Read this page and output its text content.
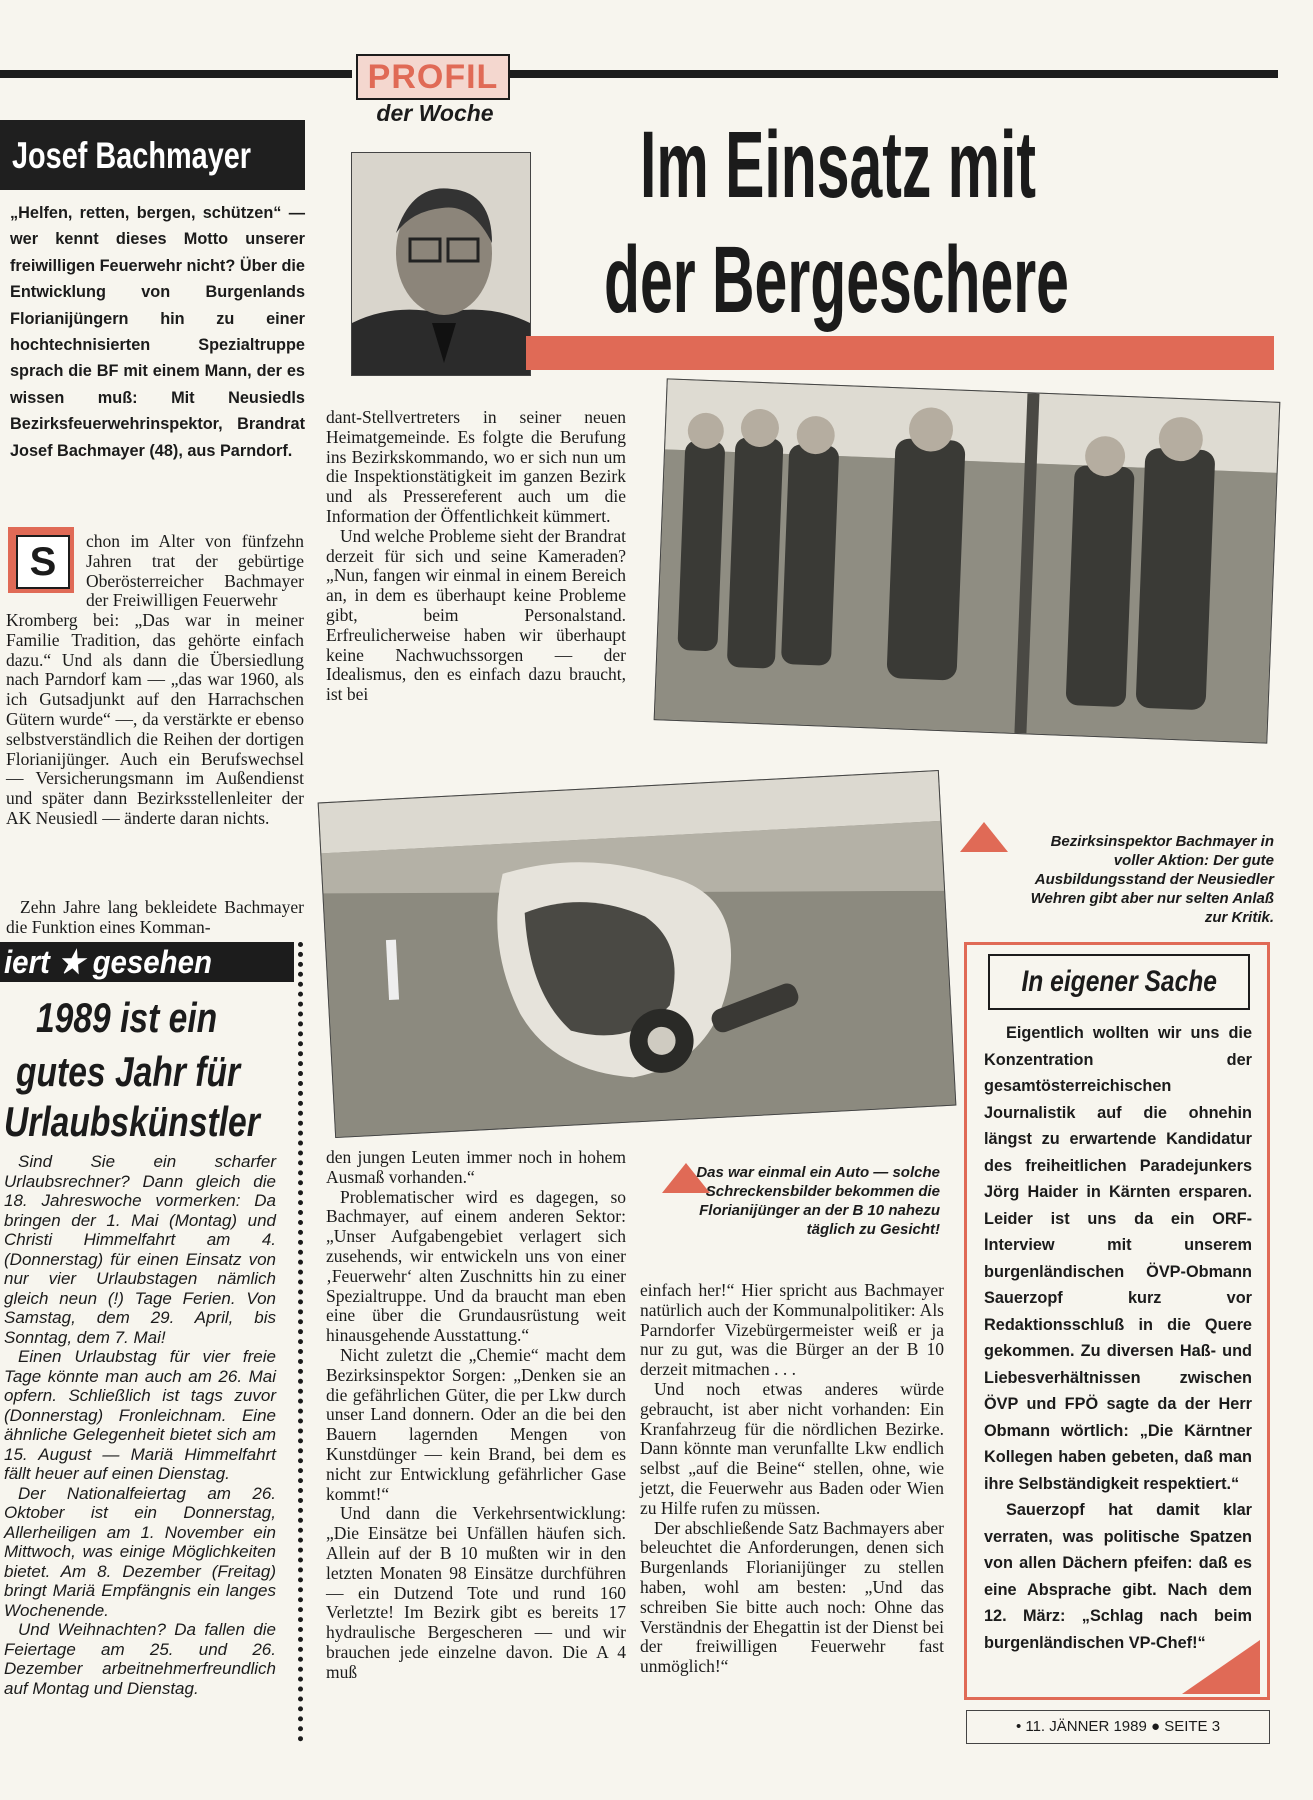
PROFIL
der Woche
Josef Bachmayer	Im Einsatz mit
der Bergeschere
„Helfen, retten, bergen, schützen“ — wer kennt dieses Motto unserer freiwilligen Feuerwehr nicht? Über die Entwicklung von Burgenlands Florianijüngern hin zu einer hochtechnisierten Spezialtruppe sprach die BF mit einem Mann, der es wissen muß: Mit Neusiedls Bezirksfeuerwehrinspektor, Brandrat Josef Bachmayer (48), aus Parndorf.
S	chon im Alter von fünfzehn Jahren trat der gebürtige Oberösterreicher Bachmayer der Freiwilligen Feuerwehr
Kromberg bei: „Das war in meiner Familie Tradition, das gehörte einfach dazu.“ Und als dann die Übersiedlung nach Parndorf kam — „das war 1960, als ich Gutsadjunkt auf den Harrachschen Gütern wurde“ —, da verstärkte er ebenso selbstverständlich die Reihen der dortigen Florianijünger. Auch ein Berufswechsel — Versicherungsmann im Außendienst und später dann Bezirksstellenleiter der AK Neusiedl — änderte daran nichts.
Zehn Jahre lang bekleidete Bachmayer die Funktion eines Komman-
iert ★ gesehen
1989 ist ein
gutes Jahr für
Urlaubskünstler

Sind Sie ein scharfer Urlaubsrechner? Dann gleich die 18. Jahreswoche vormerken: Da bringen der 1. Mai (Montag) und Christi Himmelfahrt am 4. (Donnerstag) für einen Einsatz von nur vier Urlaubstagen nämlich gleich neun (!) Tage Ferien. Von Samstag, dem 29. April, bis Sonntag, dem 7. Mai!

Einen Urlaubstag für vier freie Tage könnte man auch am 26. Mai opfern. Schließlich ist tags zuvor (Donnerstag) Fronleichnam. Eine ähnliche Gelegenheit bietet sich am 15. August — Mariä Himmelfahrt fällt heuer auf einen Dienstag.

Der Nationalfeiertag am 26. Oktober ist ein Donnerstag, Allerheiligen am 1. November ein Mittwoch, was einige Möglichkeiten bietet. Am 8. Dezember (Freitag) bringt Mariä Empfängnis ein langes Wochenende.

Und Weihnachten? Da fallen die Feiertage am 25. und 26. Dezember arbeitnehmerfreundlich auf Montag und Dienstag.

dant-Stellvertreters in seiner neuen Heimatgemeinde. Es folgte die Berufung ins Bezirkskommando, wo er sich nun um die Inspektionstätigkeit im ganzen Bezirk und als Pressereferent auch um die Information der Öffentlichkeit kümmert.

Und welche Probleme sieht der Brandrat derzeit für sich und seine Kameraden? „Nun, fangen wir einmal in einem Bereich an, in dem es überhaupt keine Probleme gibt, beim Personalstand. Erfreulicherweise haben wir überhaupt keine Nachwuchssorgen — der Idealismus, den es einfach dazu braucht, ist bei

den jungen Leuten immer noch in hohem Ausmaß vorhanden.“

Problematischer wird es dagegen, so Bachmayer, auf einem anderen Sektor: „Unser Aufgabengebiet verlagert sich zusehends, wir entwickeln uns von einer ‚Feuerwehr‘ alten Zuschnitts hin zu einer Spezialtruppe. Und da braucht man eben eine über die Grundausrüstung weit hinausgehende Ausstattung.“

Nicht zuletzt die „Chemie“ macht dem Bezirksinspektor Sorgen: „Denken sie an die gefährlichen Güter, die per Lkw durch unser Land donnern. Oder an die bei den Bauern lagernden Mengen von Kunstdünger — kein Brand, bei dem es nicht zur Entwicklung gefährlicher Gase kommt!“

Und dann die Verkehrsentwicklung: „Die Einsätze bei Unfällen häufen sich. Allein auf der B 10 mußten wir in den letzten Monaten 98 Einsätze durchführen — ein Dutzend Tote und rund 160 Verletzte! Im Bezirk gibt es bereits 17 hydraulische Bergescheren — und wir brauchen jede einzelne davon. Die A 4 muß

Bezirksinspektor Bachmayer in voller Aktion: Der gute Ausbildungsstand der Neusiedler Wehren gibt aber nur selten Anlaß zur Kritik.
Das war einmal ein Auto — solche Schreckensbilder bekommen die Florianijünger an der B 10 nahezu täglich zu Gesicht!

einfach her!“ Hier spricht aus Bachmayer natürlich auch der Kommunalpolitiker: Als Parndorfer Vizebürgermeister weiß er ja nur zu gut, was die Bürger an der B 10 derzeit mitmachen . . .

Und noch etwas anderes würde gebraucht, ist aber nicht vorhanden: Ein Kranfahrzeug für die nördlichen Bezirke. Dann könnte man verunfallte Lkw endlich selbst „auf die Beine“ stellen, ohne, wie jetzt, die Feuerwehr aus Baden oder Wien zu Hilfe rufen zu müssen.

Der abschließende Satz Bachmayers aber beleuchtet die Anforderungen, denen sich Burgenlands Florianijünger zu stellen haben, wohl am besten: „Und das schreiben Sie bitte auch noch: Ohne das Verständnis der Ehegattin ist der Dienst bei der freiwilligen Feuerwehr fast unmöglich!“

In eigener Sache

Eigentlich wollten wir uns die Konzentration der gesamtösterreichischen Journalistik auf die ohnehin längst zu erwartende Kandidatur des freiheitlichen Paradejunkers Jörg Haider in Kärnten ersparen. Leider ist uns da ein ORF-Interview mit unserem burgenländischen ÖVP-Obmann Sauerzopf kurz vor Redaktionsschluß in die Quere gekommen. Zu diversen Haß- und Liebesverhältnissen zwischen ÖVP und FPÖ sagte da der Herr Obmann wörtlich: „Die Kärntner Kollegen haben gebeten, daß man ihre Selbständigkeit respektiert.“

Sauerzopf hat damit klar verraten, was politische Spatzen von allen Dächern pfeifen: daß es eine Absprache gibt. Nach dem 12. März: „Schlag nach beim burgenländischen VP-Chef!“

• 11. JÄNNER 1989 ● SEITE 3
